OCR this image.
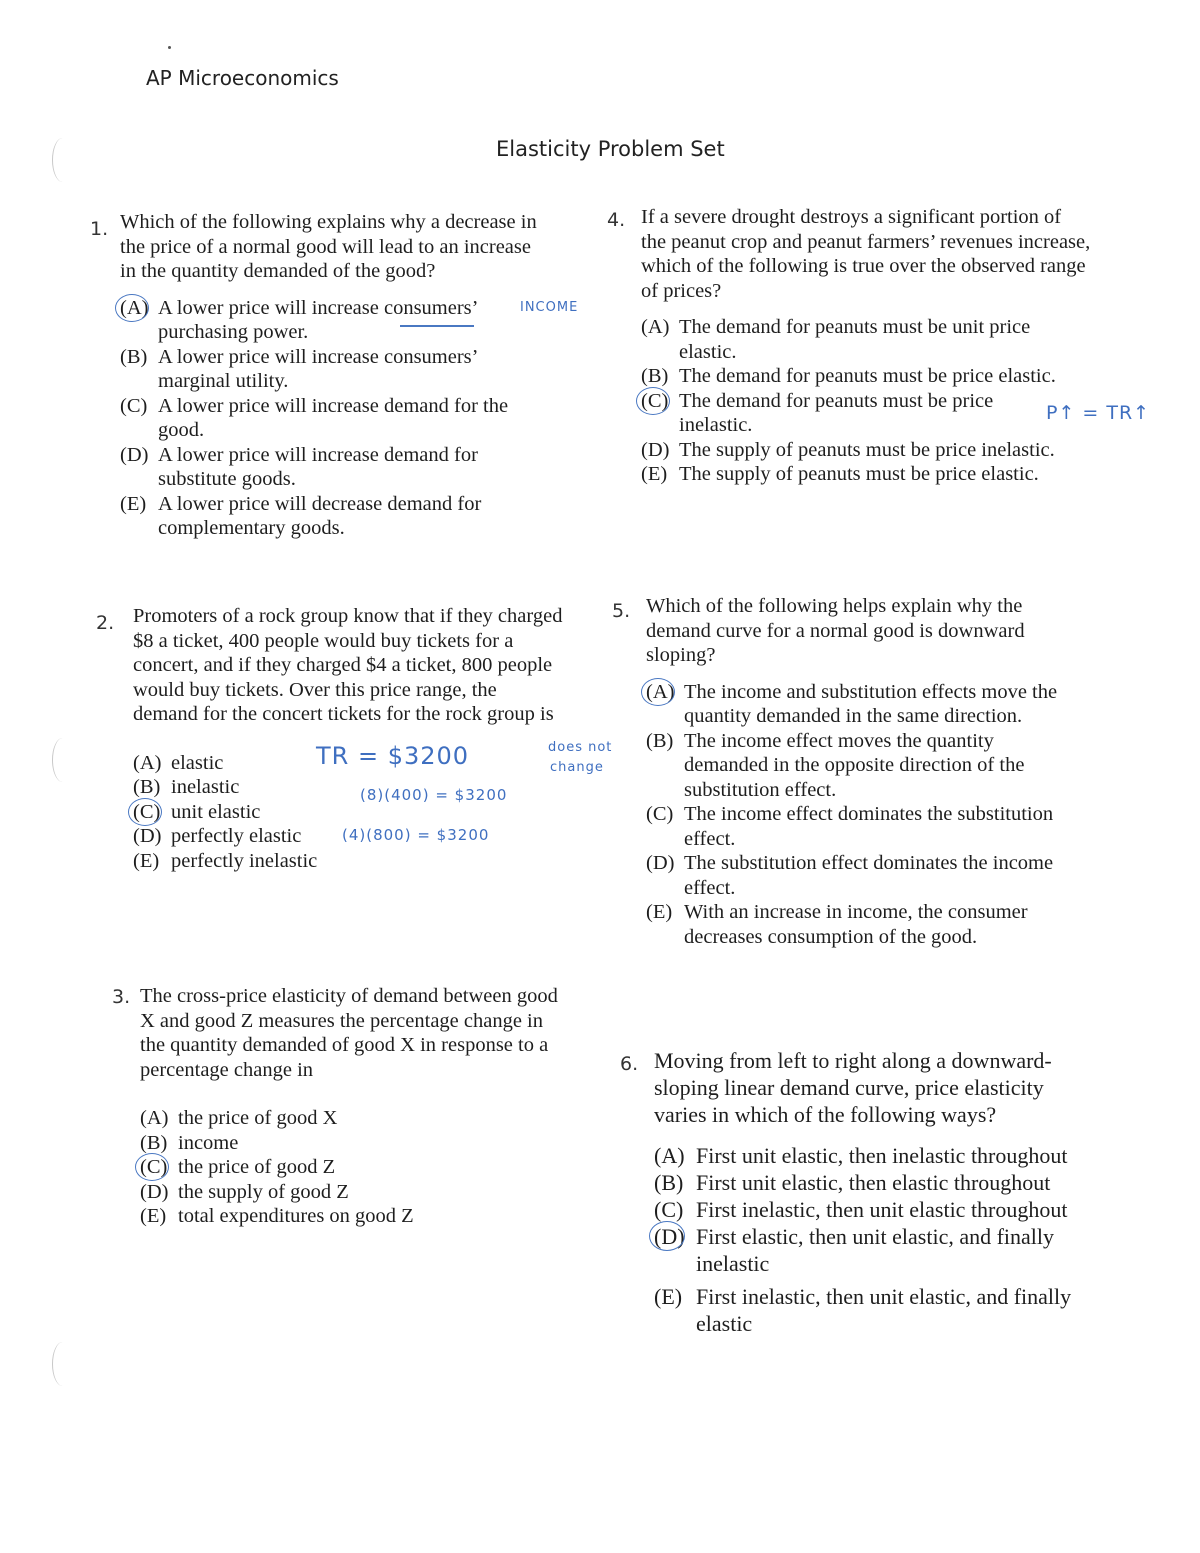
AP Microeconomics
Elasticity Problem Set
1. Which of the following explains why a decrease in the price of a normal good will lead to an increase in the quantity demanded of the good?
(A) A lower price will increase consumers’ purchasing power.
(B) A lower price will increase consumers’ marginal utility.
(C) A lower price will increase demand for the good.
(D) A lower price will increase demand for substitute goods.
(E) A lower price will decrease demand for complementary goods.
INCOME
2. Promoters of a rock group know that if they charged $8 a ticket, 400 people would buy tickets for a concert, and if they charged $4 a ticket, 800 people would buy tickets. Over this price range, the demand for the concert tickets for the rock group is
(A) elastic
(B) inelastic
(C) unit elastic
(D) perfectly elastic
(E) perfectly inelastic
TR = $3200	does not
change
(8)(400) = $3200
(4)(800) = $3200
3. The cross-price elasticity of demand between good X and good Z measures the percentage change in the quantity demanded of good X in response to a percentage change in
(A) the price of good X
(B) income
(C) the price of good Z
(D) the supply of good Z
(E) total expenditures on good Z
4. If a severe drought destroys a significant portion of the peanut crop and peanut farmers’ revenues increase, which of the following is true over the observed range of prices?
(A) The demand for peanuts must be unit price elastic.
(B) The demand for peanuts must be price elastic.
(C) The demand for peanuts must be price inelastic.
(D) The supply of peanuts must be price inelastic.
(E) The supply of peanuts must be price elastic.
P↑ = TR↑
5. Which of the following helps explain why the demand curve for a normal good is downward sloping?
(A) The income and substitution effects move the quantity demanded in the same direction.
(B) The income effect moves the quantity demanded in the opposite direction of the substitution effect.
(C) The income effect dominates the substitution effect.
(D) The substitution effect dominates the income effect.
(E) With an increase in income, the consumer decreases consumption of the good.
6. Moving from left to right along a downward-sloping linear demand curve, price elasticity varies in which of the following ways?
(A) First unit elastic, then inelastic throughout
(B) First unit elastic, then elastic throughout
(C) First inelastic, then unit elastic throughout
(D) First elastic, then unit elastic, and finally inelastic
(E) First inelastic, then unit elastic, and finally elastic
